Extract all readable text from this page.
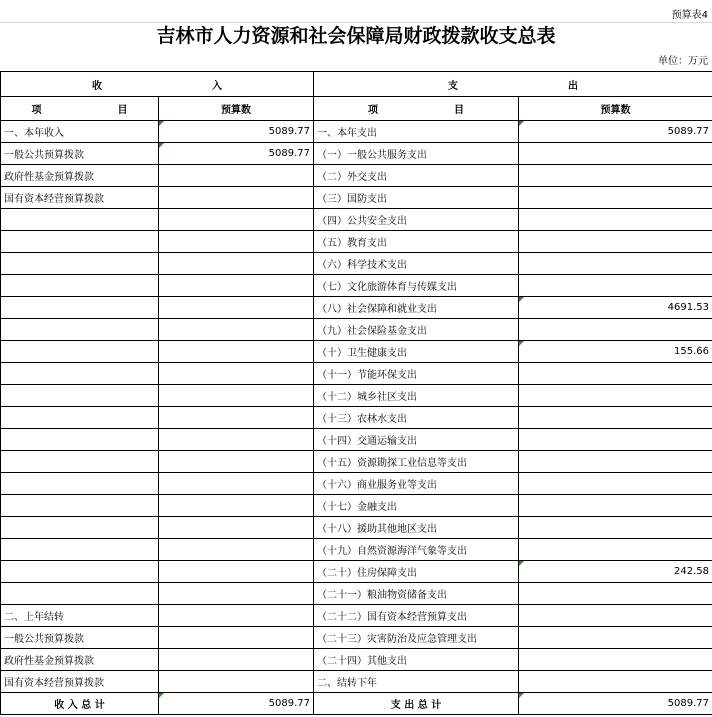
预算表4
吉林市人力资源和社会保障局财政拨款收支总表
单位：万元
收 入		支 出	
项 目	预算数	项 目	预算数
一、本年收入	5089.77	一、本年支出	5089.77
一般公共预算拨款	5089.77	（一）一般公共服务支出	
政府性基金预算拨款		（二）外交支出	
国有资本经营预算拨款		（三）国防支出	
		（四）公共安全支出	
		（五）教育支出	
		（六）科学技术支出	
		（七）文化旅游体育与传媒支出	
		（八）社会保障和就业支出	4691.53
		（九）社会保险基金支出	
		（十）卫生健康支出	155.66
		（十一）节能环保支出	
		（十二）城乡社区支出	
		（十三）农林水支出	
		（十四）交通运输支出	
		（十五）资源勘探工业信息等支出	
		（十六）商业服务业等支出	
		（十七）金融支出	
		（十八）援助其他地区支出	
		（十九）自然资源海洋气象等支出	
		（二十）住房保障支出	242.58
		（二十一）粮油物资储备支出	
二、上年结转		（二十二）国有资本经营预算支出	
一般公共预算拨款		（二十三）灾害防治及应急管理支出	
政府性基金预算拨款		（二十四）其他支出	
国有资本经营预算拨款		二、结转下年	
收 入 总 计	5089.77	支 出 总 计	5089.77
